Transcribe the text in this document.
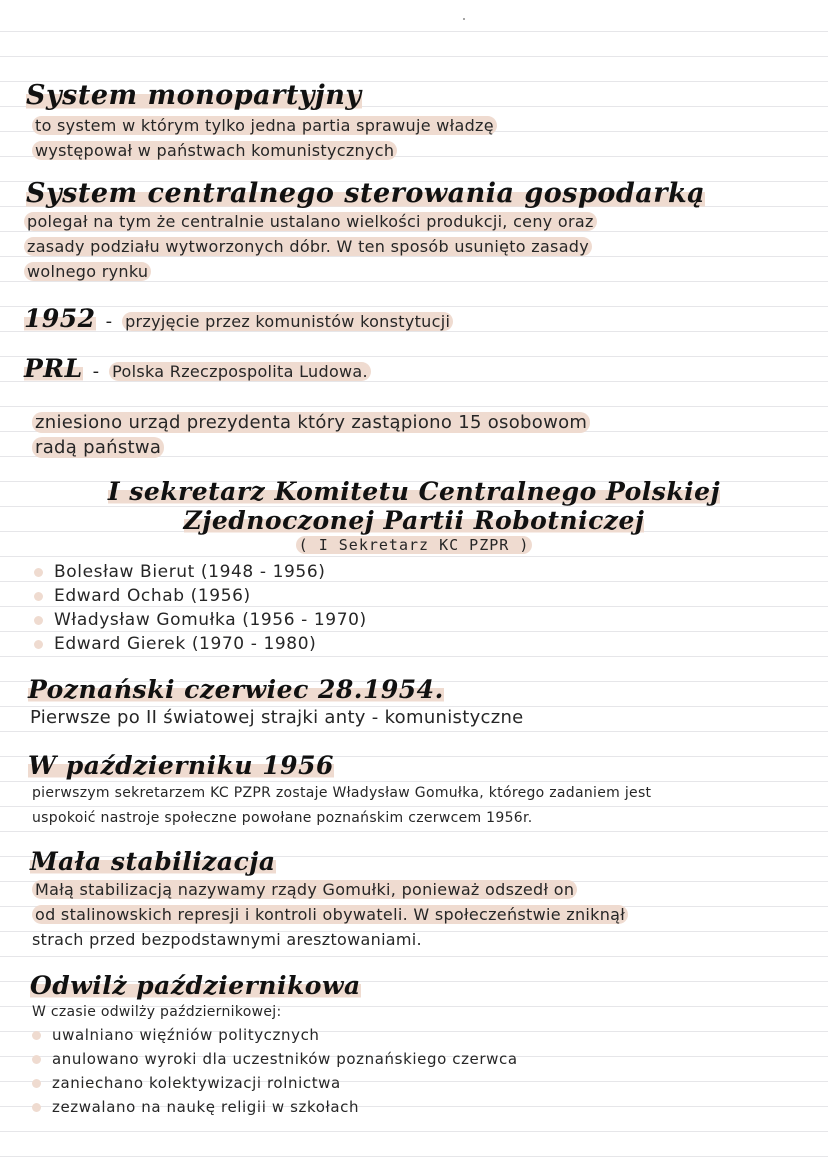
System monopartyjny

to system w którym tylko jedna partia sprawuje władzę

występował w państwach komunistycznych

System centralnego sterowania gospodarką

polegał na tym że centralnie ustalano wielkości produkcji, ceny oraz

zasady podziału wytworzonych dóbr. W ten sposób usunięto zasady

wolnego rynku

1952 - przyjęcie przez komunistów konstytucji
PRL - Polska Rzeczpospolita Ludowa.

zniesiono urząd prezydenta który zastąpiono 15 osobowom

radą państwa

I sekretarz Komitetu Centralnego Polskiej
Zjednoczonej Partii Robotniczej
( I Sekretarz KC PZPR )
Bolesław Bierut (1948 - 1956)
Edward Ochab (1956)
Władysław Gomułka (1956 - 1970)
Edward Gierek (1970 - 1980)
Poznański czerwiec 28.1954.

Pierwsze po II światowej strajki anty - komunistyczne

W październiku 1956

pierwszym sekretarzem KC PZPR zostaje Władysław Gomułka, którego zadaniem jest

uspokoić nastroje społeczne powołane poznańskim czerwcem 1956r.

Mała stabilizacja

Małą stabilizacją nazywamy rządy Gomułki, ponieważ odszedł on

od stalinowskich represji i kontroli obywateli. W społeczeństwie zniknął

strach przed bezpodstawnymi aresztowaniami.

Odwilż październikowa

W czasie odwilży październikowej:

uwalniano więźniów politycznych
anulowano wyroki dla uczestników poznańskiego czerwca
zaniechano kolektywizacji rolnictwa
zezwalano na naukę religii w szkołach
